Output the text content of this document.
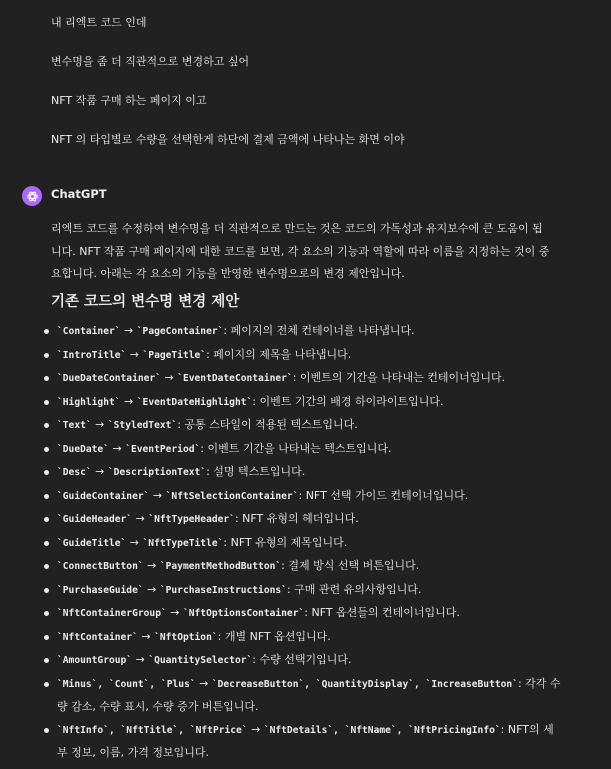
내 리엑트 코드 인데

변수명을 좀 더 직관적으로 변경하고 싶어

NFT 작품 구매 하는 페이지 이고

NFT 의 타입별로 수량을 선택한게 하단에 결제 금액에 나타나는 화면 이야

ChatGPT

리엑트 코드를 수정하여 변수명을 더 직관적으로 만드는 것은 코드의 가독성과 유지보수에 큰 도움이 됩니다. NFT 작품 구매 페이지에 대한 코드를 보면, 각 요소의 기능과 역할에 따라 이름을 지정하는 것이 중요합니다. 아래는 각 요소의 기능을 반영한 변수명으로의 변경 제안입니다.

기존 코드의 변수명 변경 제안
`Container` → `PageContainer`: 페이지의 전체 컨테이너를 나타냅니다.
`IntroTitle` → `PageTitle`: 페이지의 제목을 나타냅니다.
`DueDateContainer` → `EventDateContainer`: 이벤트의 기간을 나타내는 컨테이너입니다.
`Highlight` → `EventDateHighlight`: 이벤트 기간의 배경 하이라이트입니다.
`Text` → `StyledText`: 공통 스타일이 적용된 텍스트입니다.
`DueDate` → `EventPeriod`: 이벤트 기간을 나타내는 텍스트입니다.
`Desc` → `DescriptionText`: 설명 텍스트입니다.
`GuideContainer` → `NftSelectionContainer`: NFT 선택 가이드 컨테이너입니다.
`GuideHeader` → `NftTypeHeader`: NFT 유형의 헤더입니다.
`GuideTitle` → `NftTypeTitle`: NFT 유형의 제목입니다.
`ConnectButton` → `PaymentMethodButton`: 결제 방식 선택 버튼입니다.
`PurchaseGuide` → `PurchaseInstructions`: 구매 관련 유의사항입니다.
`NftContainerGroup` → `NftOptionsContainer`: NFT 옵션들의 컨테이너입니다.
`NftContainer` → `NftOption`: 개별 NFT 옵션입니다.
`AmountGroup` → `QuantitySelector`: 수량 선택기입니다.
`Minus`, `Count`, `Plus` → `DecreaseButton`, `QuantityDisplay`, `IncreaseButton`: 각각 수량 감소, 수량 표시, 수량 증가 버튼입니다.
`NftInfo`, `NftTitle`, `NftPrice` → `NftDetails`, `NftName`, `NftPricingInfo`: NFT의 세부 정보, 이름, 가격 정보입니다.
